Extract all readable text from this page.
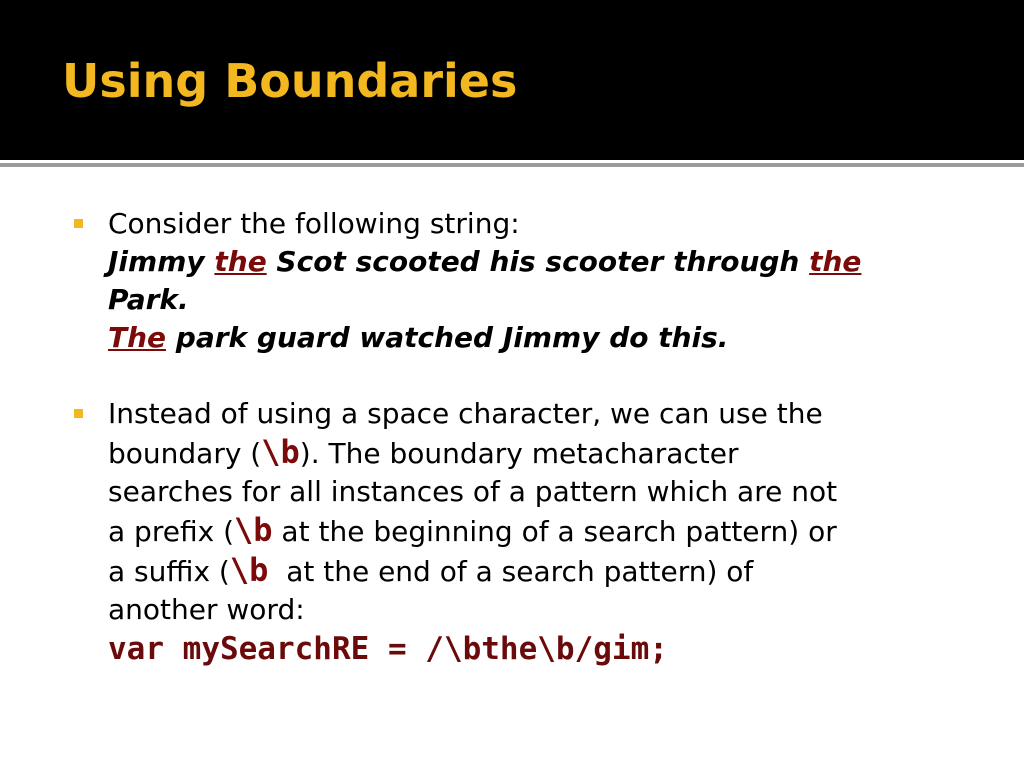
Using Boundaries
Consider the following string:
Jimmy the Scot scooted his scooter through the
Park.
The park guard watched Jimmy do this.
Instead of using a space character, we can use the
boundary (\b). The boundary metacharacter
searches for all instances of a pattern which are not
a prefix (\b at the beginning of a search pattern) or
a suffix (\b  at the end of a search pattern) of
another word:
var mySearchRE = /\bthe\b/gim;
